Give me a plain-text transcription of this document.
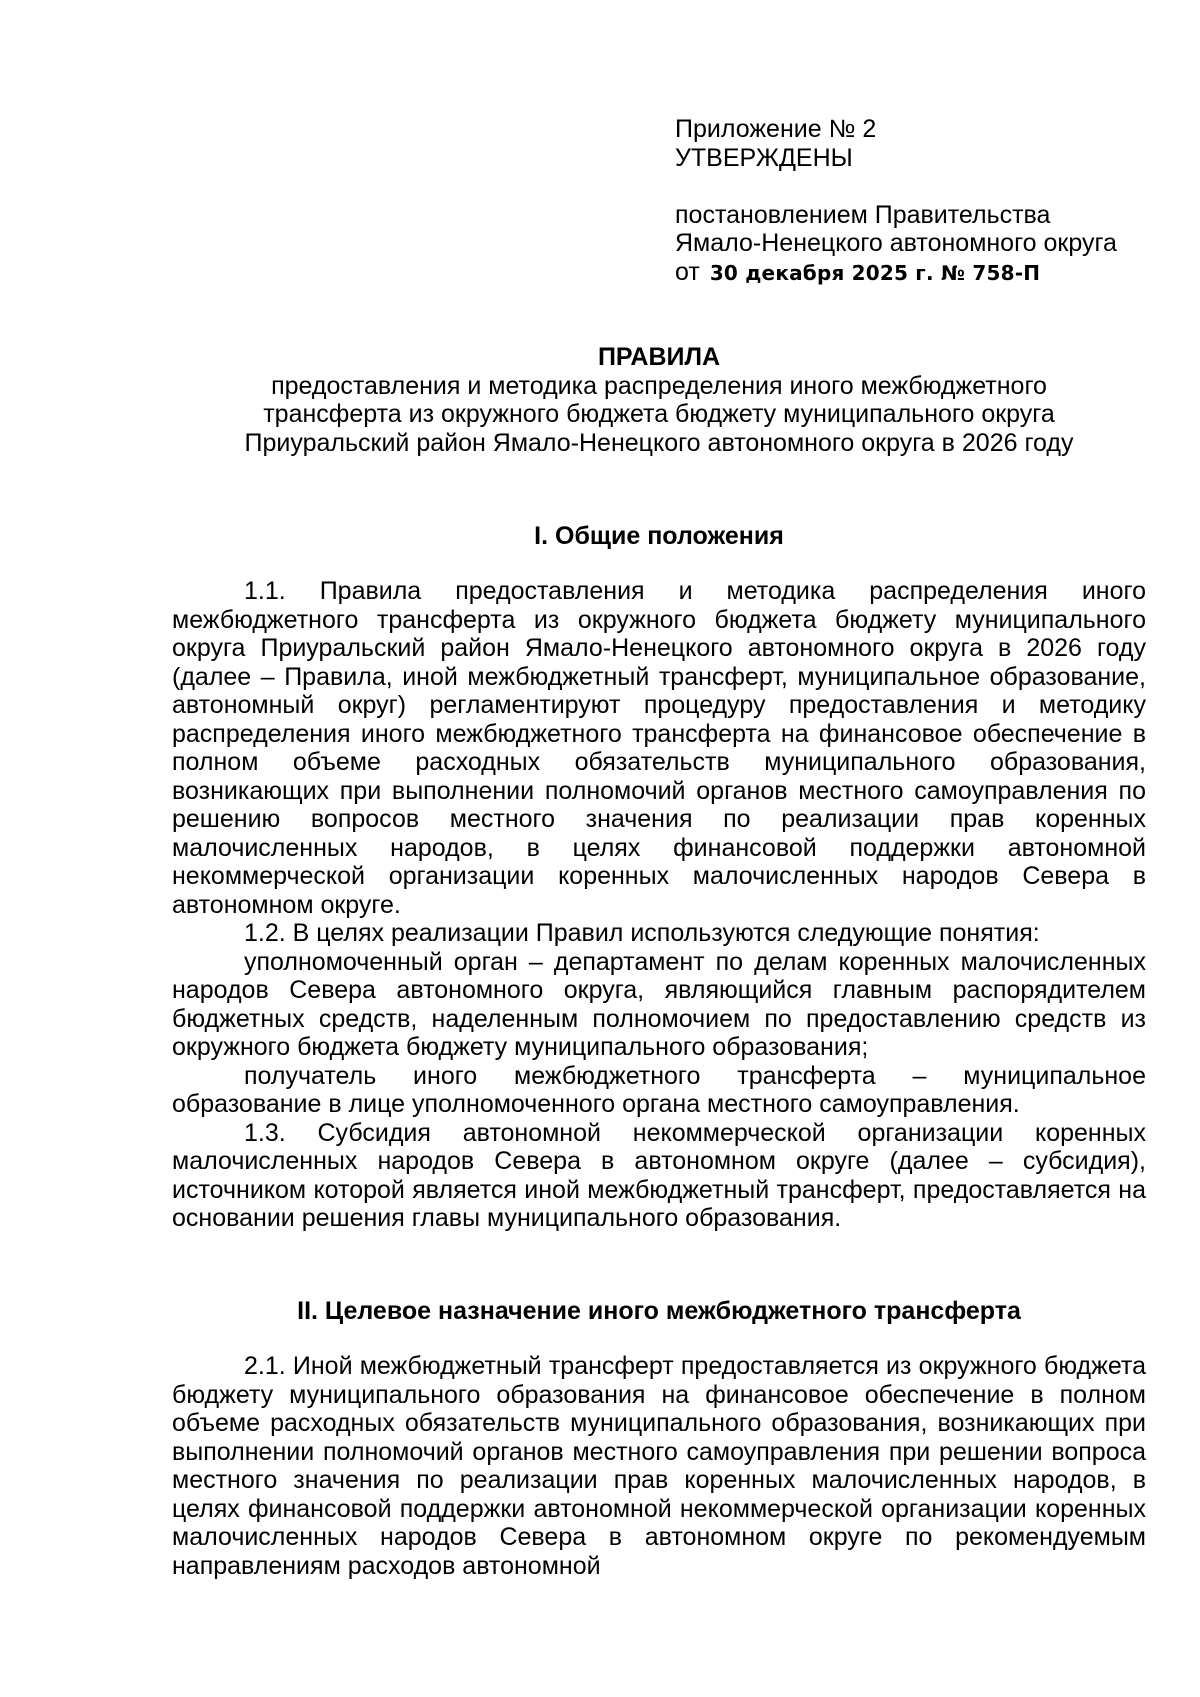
Приложение № 2
УТВЕРЖДЕНЫ
постановлением Правительства
Ямало-Ненецкого автономного округа
от 30 декабря 2025 г. № 758-П
ПРАВИЛА
предоставления и методика распределения иного межбюджетного
трансферта из окружного бюджета бюджету муниципального округа
Приуральский район Ямало-Ненецкого автономного округа в 2026 году
I. Общие положения

1.1. Правила предоставления и методика распределения иного межбюджетного трансферта из окружного бюджета бюджету муниципального округа Приуральский район Ямало-Ненецкого автономного округа в 2026 году (далее – Правила, иной межбюджетный трансферт, муниципальное образование, автономный округ) регламентируют процедуру предоставления и методику распределения иного межбюджетного трансферта на финансовое обеспечение в полном объеме расходных обязательств муниципального образования, возникающих при выполнении полномочий органов местного самоуправления по решению вопросов местного значения по реализации прав коренных малочисленных народов, в целях финансовой поддержки автономной некоммерческой организации коренных малочисленных народов Севера в автономном округе.

1.2. В целях реализации Правил используются следующие понятия:

уполномоченный орган – департамент по делам коренных малочисленных народов Севера автономного округа, являющийся главным распорядителем бюджетных средств, наделенным полномочием по предоставлению средств из окружного бюджета бюджету муниципального образования;

получатель иного межбюджетного трансферта – муниципальное образование в лице уполномоченного органа местного самоуправления.

1.3. Субсидия автономной некоммерческой организации коренных малочисленных народов Севера в автономном округе (далее – субсидия), источником которой является иной межбюджетный трансферт, предоставляется на основании решения главы муниципального образования.

II. Целевое назначение иного межбюджетного трансферта

2.1. Иной межбюджетный трансферт предоставляется из окружного бюджета бюджету муниципального образования на финансовое обеспечение в полном объеме расходных обязательств муниципального образования, возникающих при выполнении полномочий органов местного самоуправления при решении вопроса местного значения по реализации прав коренных малочисленных народов, в целях финансовой поддержки автономной некоммерческой организации коренных малочисленных народов Севера в автономном округе по рекомендуемым направлениям расходов автономной
